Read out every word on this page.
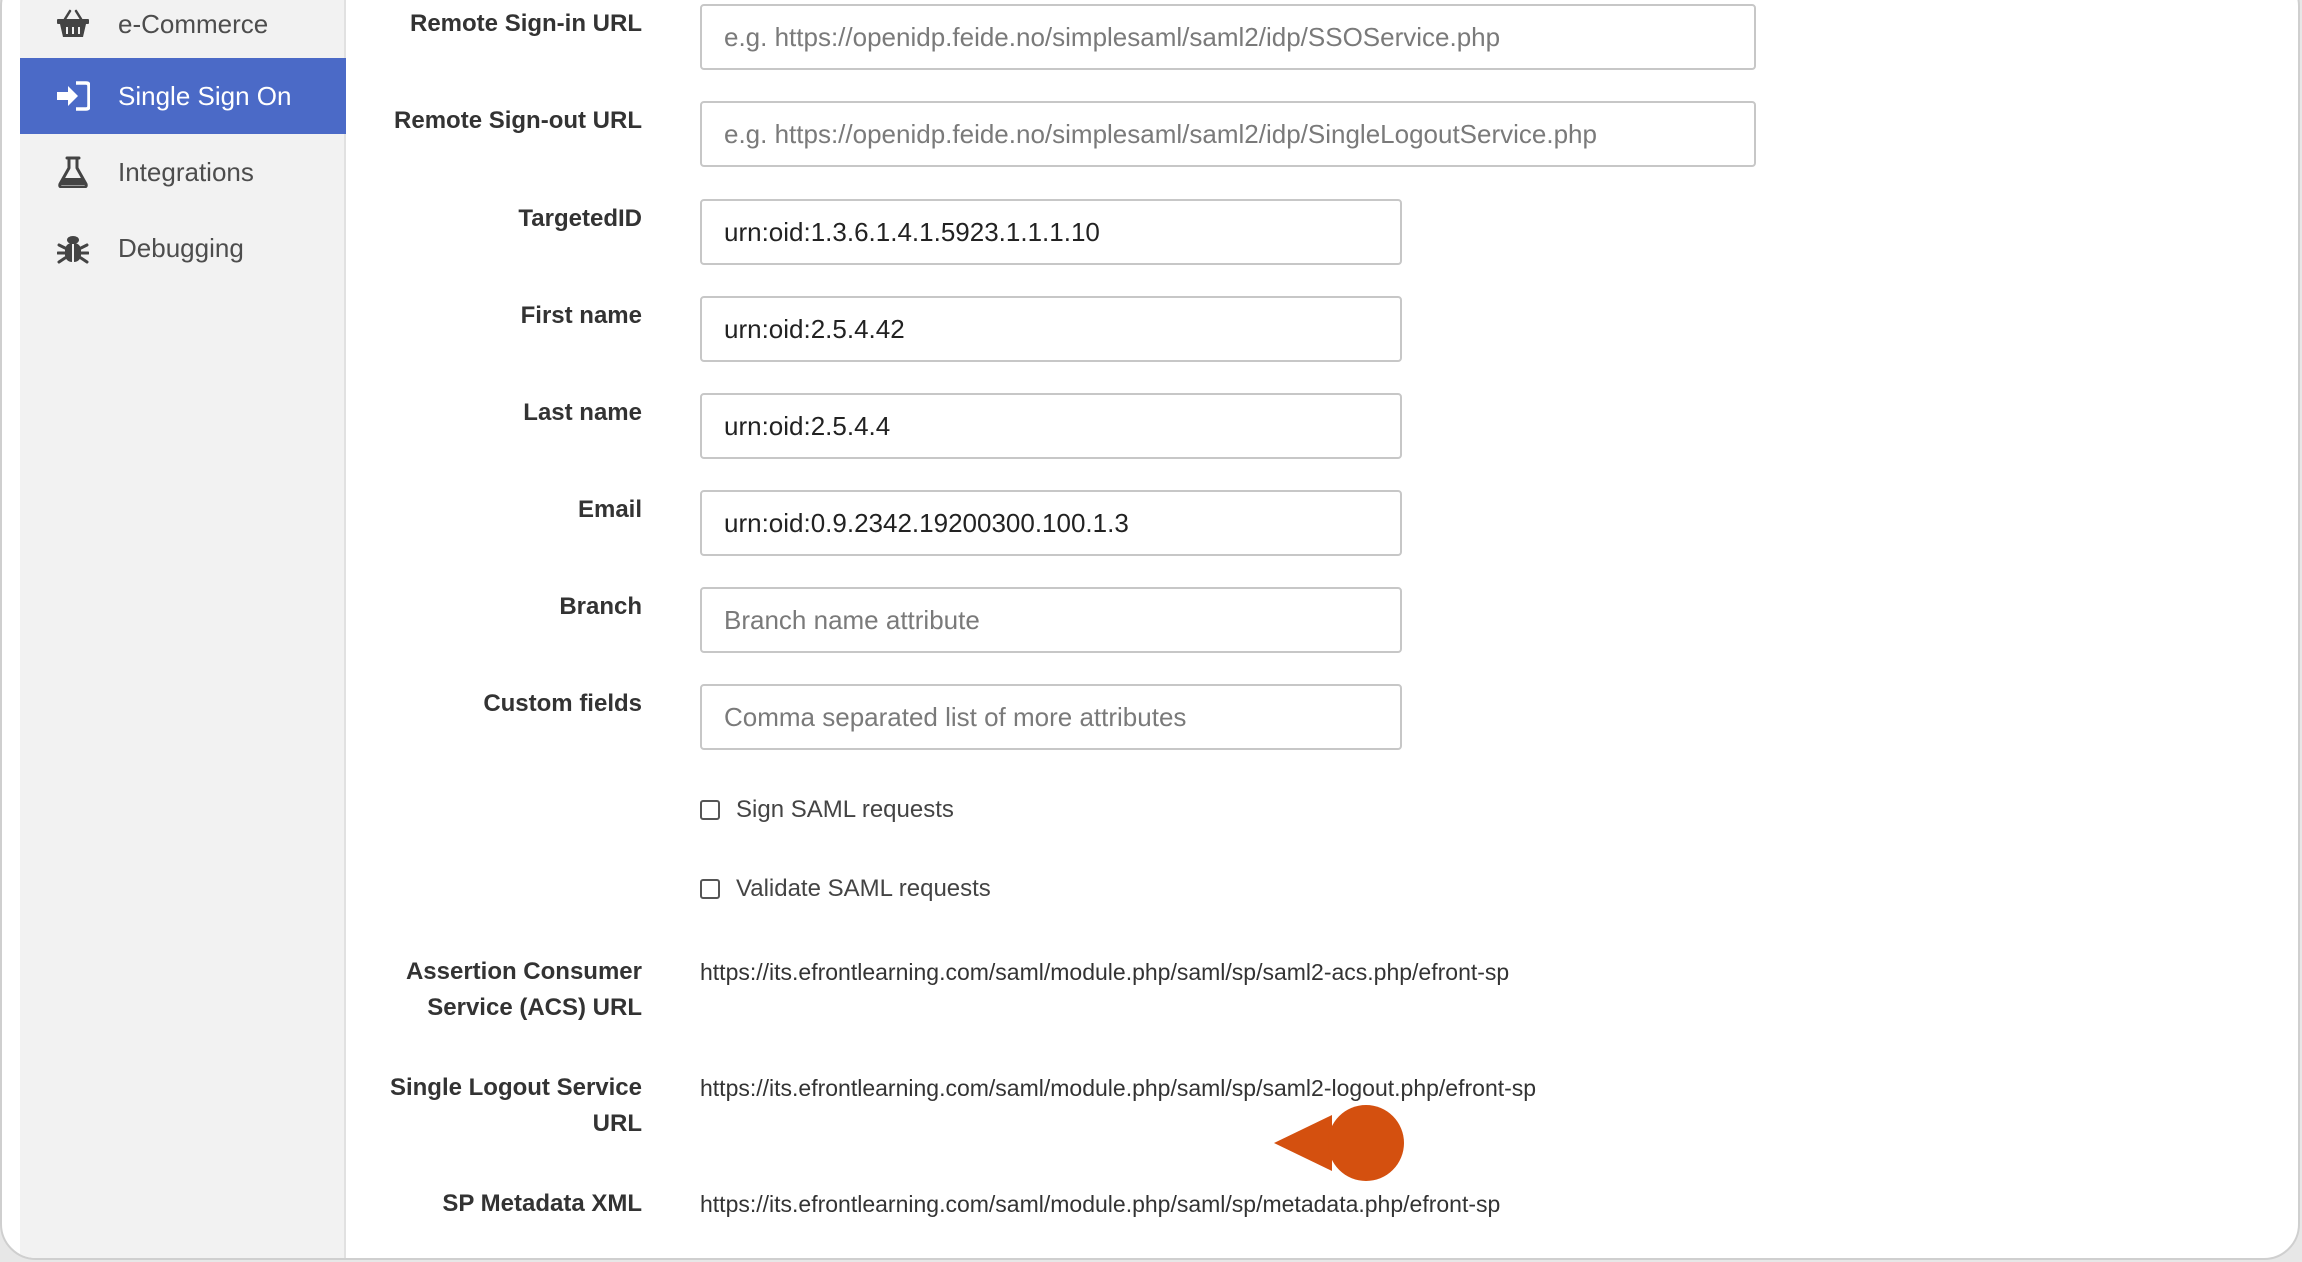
e-Commerce
Single Sign On
Integrations
Debugging
Remote Sign-in URL
e.g. https://openidp.feide.no/simplesaml/saml2/idp/SSOService.php
Remote Sign-out URL
e.g. https://openidp.feide.no/simplesaml/saml2/idp/SingleLogoutService.php
TargetedID
urn:oid:1.3.6.1.4.1.5923.1.1.1.10
First name
urn:oid:2.5.4.42
Last name
urn:oid:2.5.4.4
Email
urn:oid:0.9.2342.19200300.100.1.3
Branch
Branch name attribute
Custom fields
Comma separated list of more attributes
Sign SAML requests
Validate SAML requests
Assertion Consumer
Service (ACS) URL
https://its.efrontlearning.com/saml/module.php/saml/sp/saml2-acs.php/efront-sp
Single Logout Service
URL
https://its.efrontlearning.com/saml/module.php/saml/sp/saml2-logout.php/efront-sp
SP Metadata XML	https://its.efrontlearning.com/saml/module.php/saml/sp/metadata.php/efront-sp
4
